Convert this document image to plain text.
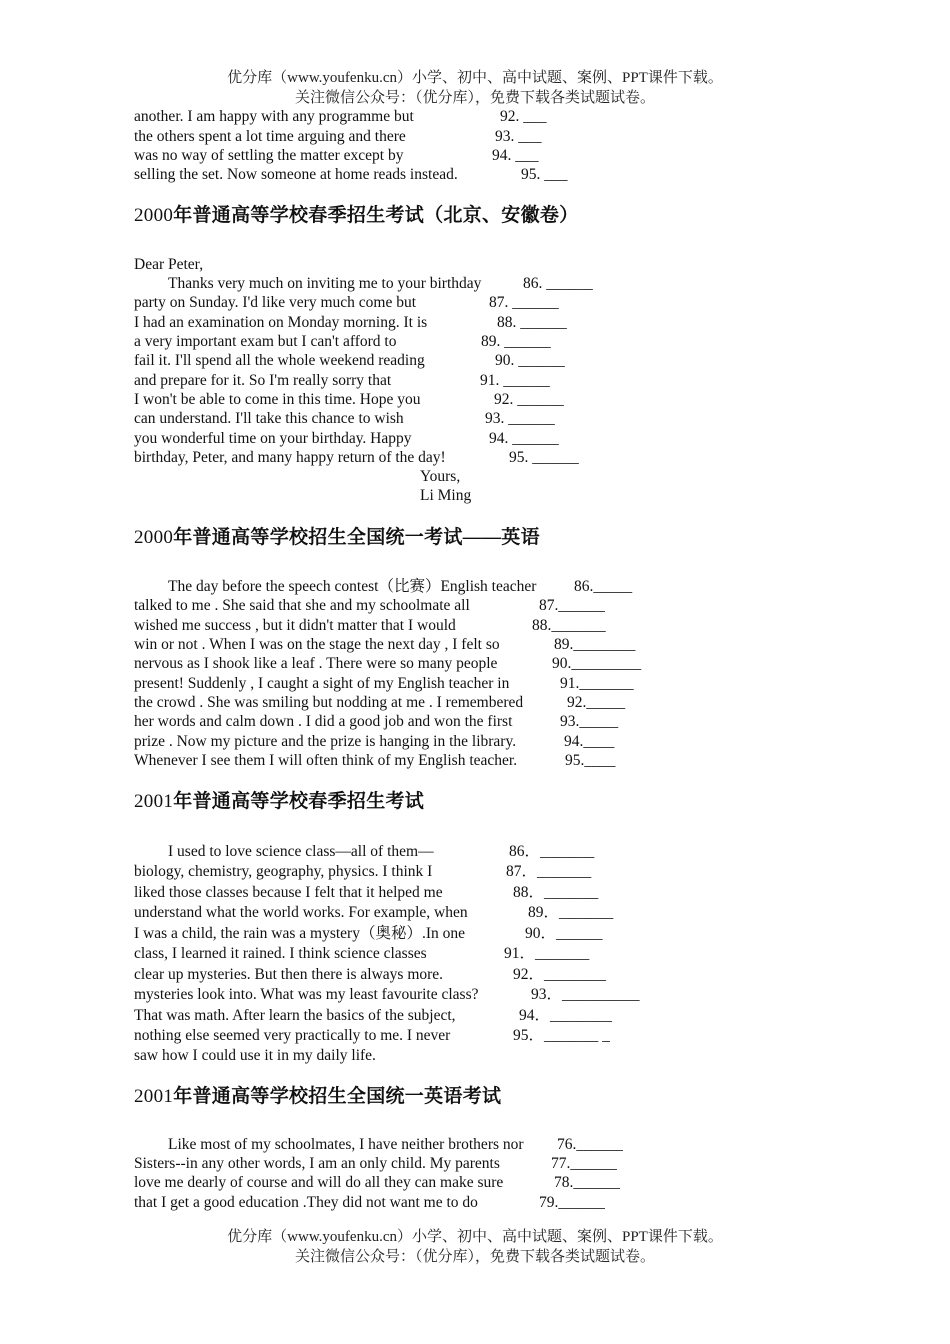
优分库（www.youfenku.cn）小学、初中、高中试题、案例、PPT课件下载。
关注微信公众号：（优分库），免费下载各类试题试卷。
another. I am happy with any programme but	92. ___
the others spent a lot time arguing and there	93. ___
was no way of settling the matter except by	94. ___
selling the set. Now someone at home reads instead.	95. ___
2000年普通高等学校春季招生考试（北京、安徽卷）
Dear Peter,
Thanks very much on inviting me to your birthday	86. ______
party on Sunday. I'd like very much come but	87. ______
I had an examination on Monday morning. It is	88. ______
a very important exam but I can't afford to	89. ______
fail it. I'll spend all the whole weekend reading	90. ______
and prepare for it. So I'm really sorry that	91. ______
I won't be able to come in this time. Hope you	92. ______
can understand. I'll take this chance to wish	93. ______
you wonderful time on your birthday. Happy	94. ______
birthday, Peter, and many happy return of the day!	95. ______
Yours,
Li Ming
2000年普通高等学校招生全国统一考试——英语
The day before the speech contest（比赛）English teacher 86._____
talked to me . She said that she and my schoolmate all	87.______
wished me success , but it didn't matter that I would	88._______
win or not . When I was on the stage the next day , I felt so	89.________
nervous as I shook like a leaf . There were so many people	90._________
present! Suddenly , I caught a sight of my English teacher in	91._______
the crowd . She was smiling but nodding at me . I remembered	92._____
her words and calm down . I did a good job and won the first	93._____
prize . Now my picture and the prize is hanging in the library.	94.____
Whenever I see them I will often think of my English teacher.	95.____
2001年普通高等学校春季招生考试
I used to love science class—all of them—	86．_______
biology, chemistry, geography, physics. I think I	87．_______
liked those classes because I felt that it helped me	88．_______
understand what the world works. For example, when	89．_______
I was a child, the rain was a mystery（奥秘）.In one	90．______
class, I learned it rained. I think science classes	91．_______
clear up mysteries. But then there is always more.	92．________
mysteries look into. What was my least favourite class?	93．__________
That was math. After learn the basics of the subject,	94．________
nothing else seemed very practically to me. I never	95．_______ _
saw how I could use it in my daily life.
2001年普通高等学校招生全国统一英语考试
Like most of my schoolmates, I have neither brothers nor 76.______
Sisters--in any other words, I am an only child. My parents	77.______
love me dearly of course and will do all they can make sure	78.______
that I get a good education .They did not want me to do	79.______
优分库（www.youfenku.cn）小学、初中、高中试题、案例、PPT课件下载。
关注微信公众号：（优分库），免费下载各类试题试卷。
